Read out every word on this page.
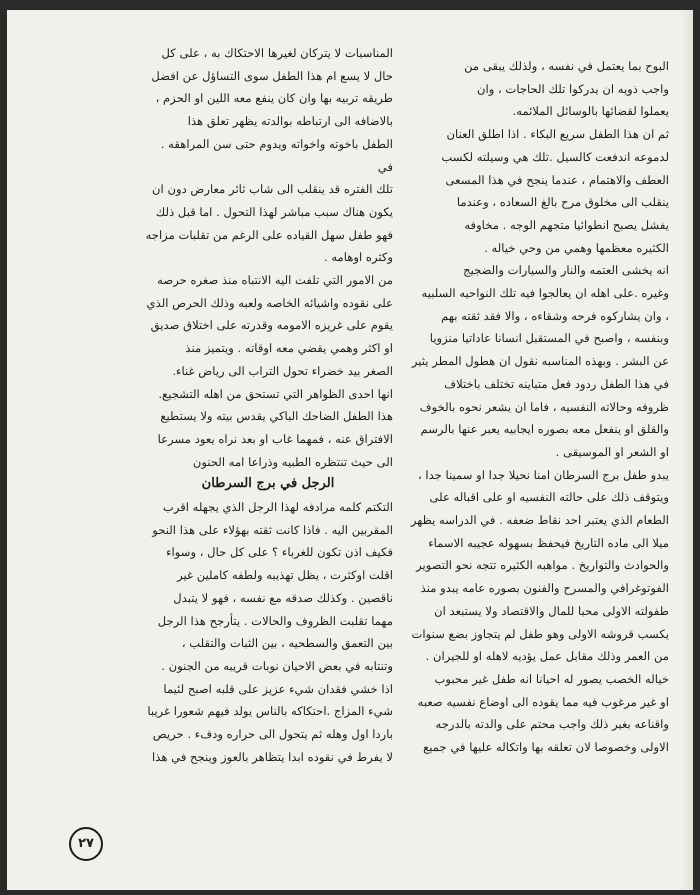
البوح بما يعتمل في نفسه ، ولذلك يبقى من

واجب ذويه ان يدركوا تلك الحاجات ، وان

يعملوا لقضائها بالوسائل الملائمه.

ثم ان هذا الطفل سريع البكاء . اذا اطلق العنان

لدموعه اندفعت كالسيل .تلك هي وسيلته لكسب

العطف والاهتمام ، عندما ينجح في هذا المسعى

ينقلب الى مخلوق مرح بالغ السعاده ، وعندما

يفشل يصبح انطوائيا متجهم الوجه . مخاوفه

الكثيره معظمها وهمي من وحي خياله .

انه يخشى العتمه والنار والسيارات والضجيج

وغيره .على اهله ان يعالجوا فيه تلك النواحيه السلبيه

، وان يشاركوه فرحه وشقاءه ، والا فقد ثقته بهم

وبنفسه ، واصبح في المستقبل انسانا عاداتيا منزويا

عن البشر . وبهذه المناسبه نقول ان هطول المطر يثير

في هذا الطفل ردود فعل متباينه تختلف باختلاف

ظروفه وحالاته النفسيه ، فاما ان يشعر نحوه بالخوف

والقلق او ينفعل معه بصوره ايجابيه يعبر عنها بالرسم

او الشعر او الموسيقى .

يبدو طفل برج السرطان امنا نحيلا جدا او سمينا جدا ،

ويتوقف ذلك على حالته النفسيه او على اقباله على

الطعام الذي يعتبر احد نقاط ضعفه . في الدراسه يظهر

ميلا الى ماده التاريخ فيحفظ بسهوله عجيبه الاسماء

والحوادث والتواريخ . مواهبه الكثيره تتجه نحو التصوير

الفوتوغرافي والمسرح والفنون بصوره عامه يبدو منذ

طفولته الاولى محبا للمال والاقتصاد ولا يستبعد ان

يكسب قروشه الاولى وهو طفل لم يتجاوز بضع سنوات

من العمر وذلك مقابل عمل يؤديه لاهله او للجيران .

خياله الخصب يصور له احيانا انه طفل غير محبوب

او غير مرغوب فيه مما يقوده الى اوضاع نفسيه صعبه

واقناعه بغير ذلك واجب محتم على والدته بالدرجه

الاولى وخصوصا لان تعلقه بها واتكاله عليها في جميع

المناسبات لا يتركان لغيرها الاحتكاك به ، على كل

حال لا يسع ام هذا الطفل سوى التساؤل عن افضل

طريقه تربيه بها وان كان ينفع معه اللين او الحزم ،

بالاضافه الى ارتباطه بوالدته يظهر تعلق هذا

الطفل باخوته واخواته ويدوم حتى سن المراهقه . في

تلك الفتره قد ينقلب الى شاب ثائر معارض دون ان

يكون هناك سبب مباشر لهذا التحول . اما قبل ذلك

فهو طفل سهل القياده على الرغم من تقلبات مزاجه

وكثره اوهامه .

من الامور التي تلفت اليه الانتباه منذ صغره حرصه

على نقوده واشيائه الخاصه ولعبه وذلك الحرص الذي

يقوم على غريزه الامومه وقدرته على اختلاق صديق

او اكثر وهمي يقضي معه اوقاته . ويتميز منذ

الصغر بيد خضراء تحول التراب الى رياض غناء.

انها احدى الظواهر التي تستحق من اهله التشجيع.

هذا الطفل الضاحك الباكي يقدس بيته ولا يستطيع

الافتراق عنه ، فمهما غاب او بعد نراه يعود مسرعا

الى حيث تنتظره الطبيه وذراعا امه الحنون

الرجل في برج السرطان

التكتم كلمه مرادفه لهذا الرجل الذي يجهله اقرب

المقربين اليه . فاذا كانت ثقته بهؤلاء على هذا النحو

فكيف اذن تكون للغرباء ؟ على كل حال ، وسواء

اقلت اوكثرت ، يظل تهذيبه ولطفه كاملين غير

ناقصين . وكذلك صدقه مع نفسه ، فهو لا يتبدل

مهما تقلبت الظروف والحالات . يتأرجح هذا الرجل

بين التعمق والسطحيه ، بين الثبات والتقلب ،

وتنتابه في بعض الاحيان نوبات قريبه من الجنون .

اذا خشي فقدان شيء عزيز على قلبه اصبح لئيما

شيء المزاج .احتكاكه بالناس يولد فيهم شعورا غريبا

باردا اول وهله ثم يتحول الى حراره ودفء . حريص

لا يفرط في نقوده ابدا يتظاهر بالعوز وينجح في هذا

٢٧
